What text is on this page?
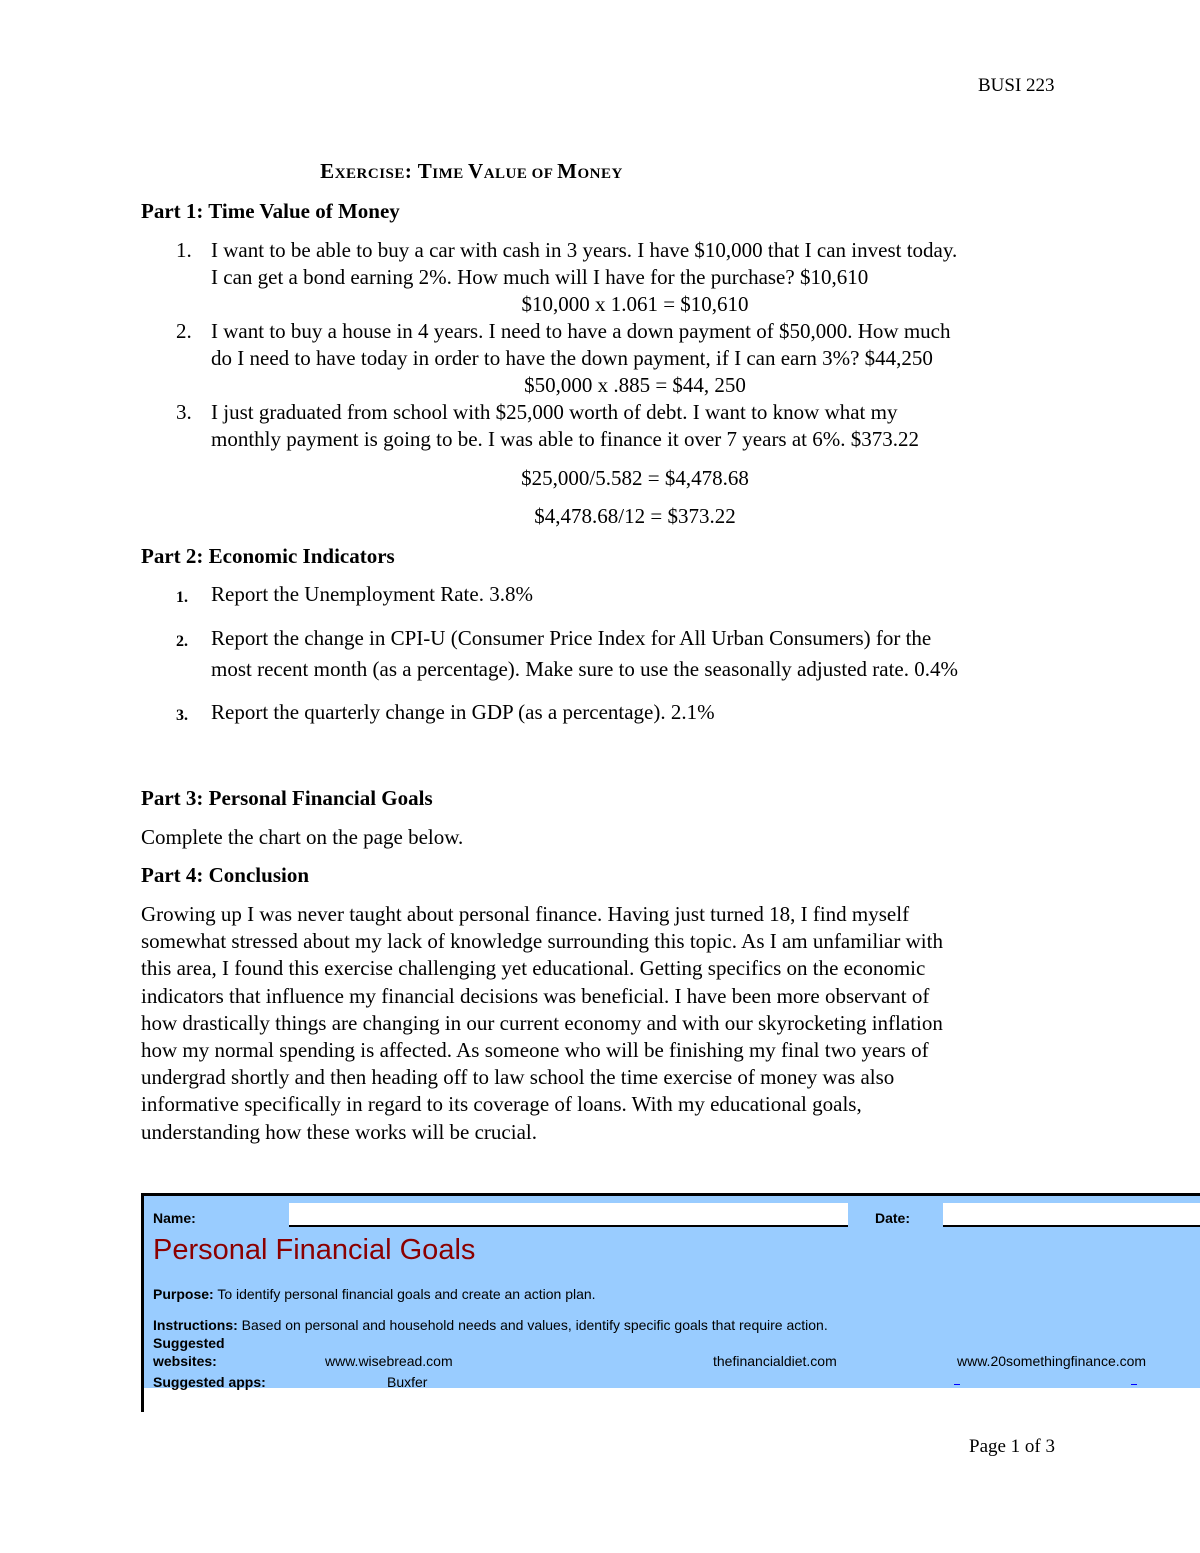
BUSI 223
EXERCISE: TIME VALUE OF MONEY
Part 1: Time Value of Money
1. I want to be able to buy a car with cash in 3 years. I have $10,000 that I can invest today.
I can get a bond earning 2%. How much will I have for the purchase? $10,610
$10,000 x 1.061 = $10,610
2. I want to buy a house in 4 years. I need to have a down payment of $50,000. How much
do I need to have today in order to have the down payment, if I can earn 3%? $44,250
$50,000 x .885 = $44, 250
3. I just graduated from school with $25,000 worth of debt. I want to know what my
monthly payment is going to be. I was able to finance it over 7 years at 6%. $373.22
$25,000/5.582 = $4,478.68
$4,478.68/12 = $373.22
Part 2: Economic Indicators
1. Report the Unemployment Rate. 3.8%
2. Report the change in CPI-U (Consumer Price Index for All Urban Consumers) for the
most recent month (as a percentage). Make sure to use the seasonally adjusted rate. 0.4%
3. Report the quarterly change in GDP (as a percentage). 2.1%
Part 3: Personal Financial Goals
Complete the chart on the page below.
Part 4: Conclusion
Growing up I was never taught about personal finance. Having just turned 18, I find myself
somewhat stressed about my lack of knowledge surrounding this topic. As I am unfamiliar with
this area, I found this exercise challenging yet educational. Getting specifics on the economic
indicators that influence my financial decisions was beneficial. I have been more observant of
how drastically things are changing in our current economy and with our skyrocketing inflation
how my normal spending is affected. As someone who will be finishing my final two years of
undergrad shortly and then heading off to law school the time exercise of money was also
informative specifically in regard to its coverage of loans. With my educational goals,
understanding how these works will be crucial.
Name:	Date:
Personal Financial Goals
Purpose: To identify personal financial goals and create an action plan.
Instructions: Based on personal and household needs and values, identify specific goals that require action.
Suggested
websites:	www.wisebread.com	thefinancialdiet.com	www.20somethingfinance.com
Suggested apps:	Buxfer
Page 1 of 3
